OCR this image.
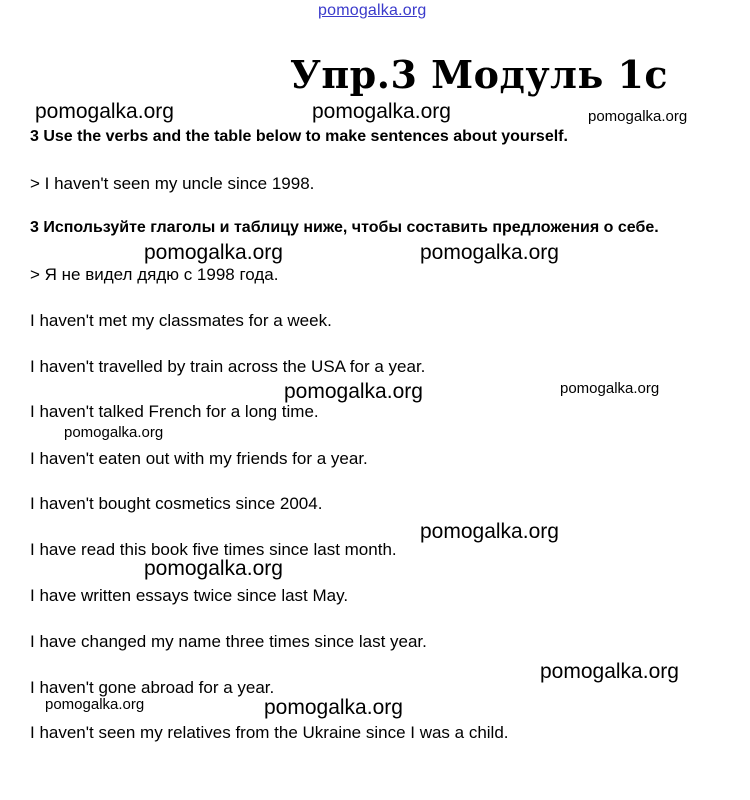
pomogalka.org
Упр.3 Модуль 1с
3 Use the verbs and the table below to make sentences about yourself.
> I haven't seen my uncle since 1998.
3 Используйте глаголы и таблицу ниже, чтобы составить предложения о себе.
> Я не видел дядю с 1998 года.
I haven't met my classmates for a week.
I haven't travelled by train across the USA for a year.
I haven't talked French for a long time.
I haven't eaten out with my friends for a year.
I haven't bought cosmetics since 2004.
I have read this book five times since last month.
I have written essays twice since last May.
I have changed my name three times since last year.
I haven't gone abroad for a year.
I haven't seen my relatives from the Ukraine since I was a child.
pomogalka.org	pomogalka.org	pomogalka.org
pomogalka.org	pomogalka.org
pomogalka.org	pomogalka.org
pomogalka.org
pomogalka.org
pomogalka.org
pomogalka.org
pomogalka.org	pomogalka.org
